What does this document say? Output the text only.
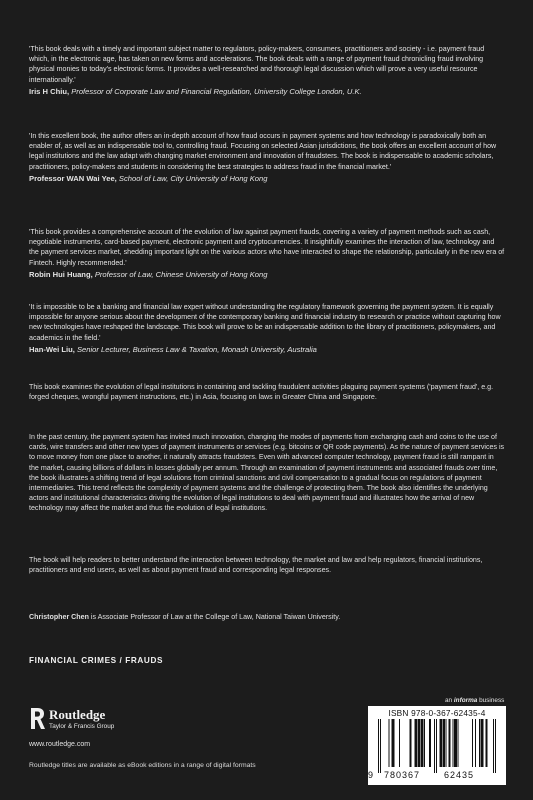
'This book deals with a timely and important subject matter to regulators, policy-makers, consumers, practitioners and society - i.e. payment fraud which, in the electronic age, has taken on new forms and accelerations. The book deals with a range of payment fraud chronicling fraud involving physical monies to today's electronic forms. It provides a well-researched and thorough legal discussion which will prove a very useful resource internationally.'

Iris H Chiu, Professor of Corporate Law and Financial Regulation, University College London, U.K.

'In this excellent book, the author offers an in-depth account of how fraud occurs in payment systems and how technology is paradoxically both an enabler of, as well as an indispensable tool to, controlling fraud. Focusing on selected Asian jurisdictions, the book offers an excellent account of how legal institutions and the law adapt with changing market environment and innovation of fraudsters. The book is indispensable to academic scholars, practitioners, policy-makers and students in considering the best strategies to address fraud in the financial market.'

Professor WAN Wai Yee, School of Law, City University of Hong Kong

'This book provides a comprehensive account of the evolution of law against payment frauds, covering a variety of payment methods such as cash, negotiable instruments, card-based payment, electronic payment and cryptocurrencies. It insightfully examines the interaction of law, technology and the payment services market, shedding important light on the various actors who have interacted to shape the relationship, particularly in the new era of Fintech. Highly recommended.'

Robin Hui Huang, Professor of Law, Chinese University of Hong Kong

'It is impossible to be a banking and financial law expert without understanding the regulatory framework governing the payment system. It is equally impossible for anyone serious about the development of the contemporary banking and financial industry to research or practice without capturing how new technologies have reshaped the landscape. This book will prove to be an indispensable addition to the library of practitioners, policymakers, and academics in the field.'

Han-Wei Liu, Senior Lecturer, Business Law & Taxation, Monash University, Australia

This book examines the evolution of legal institutions in containing and tackling fraudulent activities plaguing payment systems ('payment fraud', e.g. forged cheques, wrongful payment instructions, etc.) in Asia, focusing on laws in Greater China and Singapore.

In the past century, the payment system has invited much innovation, changing the modes of payments from exchanging cash and coins to the use of cards, wire transfers and other new types of payment instruments or services (e.g. bitcoins or QR code payments). As the nature of payment services is to move money from one place to another, it naturally attracts fraudsters. Even with advanced computer technology, payment fraud is still rampant in the market, causing billions of dollars in losses globally per annum. Through an examination of payment instruments and associated frauds over time, the book illustrates a shifting trend of legal solutions from criminal sanctions and civil compensation to a gradual focus on regulations of payment intermediaries. This trend reflects the complexity of payment systems and the challenge of protecting them. The book also identifies the underlying actors and institutional characteristics driving the evolution of legal institutions to deal with payment fraud and illustrates how the arrival of new technology may affect the market and thus the evolution of legal institutions.

The book will help readers to better understand the interaction between technology, the market and law and help regulators, financial institutions, practitioners and end users, as well as about payment fraud and corresponding legal responses.

Christopher Chen is Associate Professor of Law at the College of Law, National Taiwan University.

FINANCIAL CRIMES / FRAUDS
Routledge
Taylor & Francis Group
www.routledge.com
Routledge titles are available as eBook editions in a range of digital formats
an informa business
ISBN 978-0-367-62435-4
9 780367	62435
